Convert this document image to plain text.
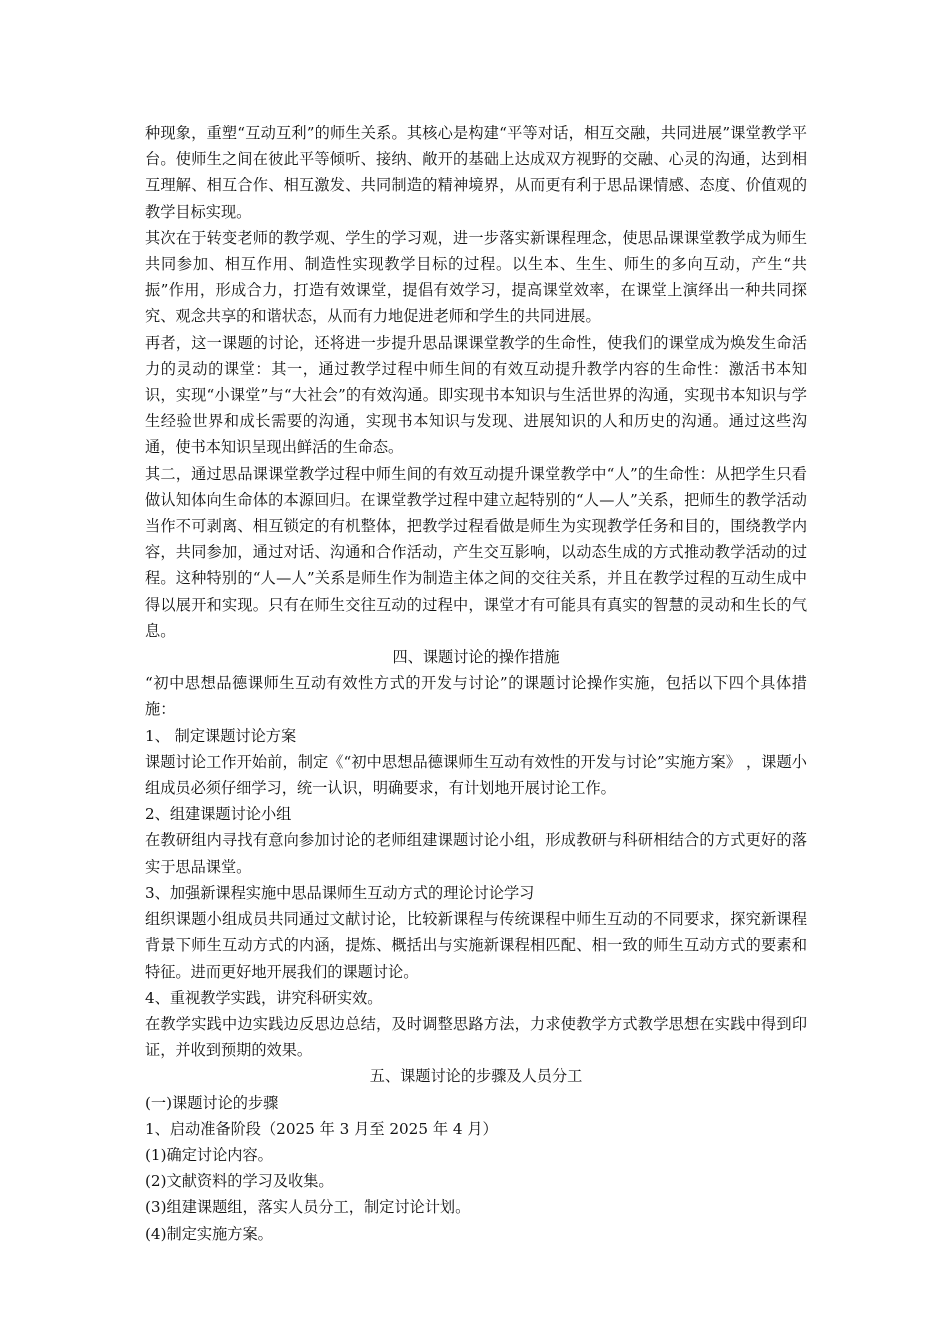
种现象，重塑“互动互利”的师生关系。其核心是构建“平等对话，相互交融，共同进展”课堂教学平台。使师生之间在彼此平等倾听、接纳、敞开的基础上达成双方视野的交融、心灵的沟通，达到相互理解、相互合作、相互激发、共同制造的精神境界，从而更有利于思品课情感、态度、价值观的教学目标实现。

其次在于转变老师的教学观、学生的学习观，进一步落实新课程理念，使思品课课堂教学成为师生共同参加、相互作用、制造性实现教学目标的过程。以生本、生生、师生的多向互动，产生“共振”作用，形成合力，打造有效课堂，提倡有效学习，提高课堂效率，在课堂上演绎出一种共同探究、观念共享的和谐状态，从而有力地促进老师和学生的共同进展。

再者，这一课题的讨论，还将进一步提升思品课课堂教学的生命性，使我们的课堂成为焕发生命活力的灵动的课堂：其一，通过教学过程中师生间的有效互动提升教学内容的生命性：激活书本知识，实现“小课堂”与“大社会”的有效沟通。即实现书本知识与生活世界的沟通，实现书本知识与学生经验世界和成长需要的沟通，实现书本知识与发现、进展知识的人和历史的沟通。通过这些沟通，使书本知识呈现出鲜活的生命态。

其二，通过思品课课堂教学过程中师生间的有效互动提升课堂教学中“人”的生命性：从把学生只看做认知体向生命体的本源回归。在课堂教学过程中建立起特别的“人—人”关系，把师生的教学活动当作不可剥离、相互锁定的有机整体，把教学过程看做是师生为实现教学任务和目的，围绕教学内容，共同参加，通过对话、沟通和合作活动，产生交互影响，以动态生成的方式推动教学活动的过程。这种特别的“人—人”关系是师生作为制造主体之间的交往关系，并且在教学过程的互动生成中得以展开和实现。只有在师生交往互动的过程中，课堂才有可能具有真实的智慧的灵动和生长的气息。

四、课题讨论的操作措施

“初中思想品德课师生互动有效性方式的开发与讨论”的课题讨论操作实施，包括以下四个具体措施：

1、 制定课题讨论方案

课题讨论工作开始前，制定《“初中思想品德课师生互动有效性的开发与讨论”实施方案》 ，课题小组成员必须仔细学习，统一认识，明确要求，有计划地开展讨论工作。

2、组建课题讨论小组

在教研组内寻找有意向参加讨论的老师组建课题讨论小组，形成教研与科研相结合的方式更好的落实于思品课堂。

3、加强新课程实施中思品课师生互动方式的理论讨论学习

组织课题小组成员共同通过文献讨论，比较新课程与传统课程中师生互动的不同要求，探究新课程背景下师生互动方式的内涵，提炼、概括出与实施新课程相匹配、相一致的师生互动方式的要素和特征。进而更好地开展我们的课题讨论。

4、重视教学实践，讲究科研实效。

在教学实践中边实践边反思边总结，及时调整思路方法，力求使教学方式教学思想在实践中得到印证，并收到预期的效果。

五、课题讨论的步骤及人员分工

(一)课题讨论的步骤

1、启动准备阶段（2025 年 3 月至 2025 年 4 月）

(1)确定讨论内容。

(2)文献资料的学习及收集。

(3)组建课题组，落实人员分工，制定讨论计划。

(4)制定实施方案。
